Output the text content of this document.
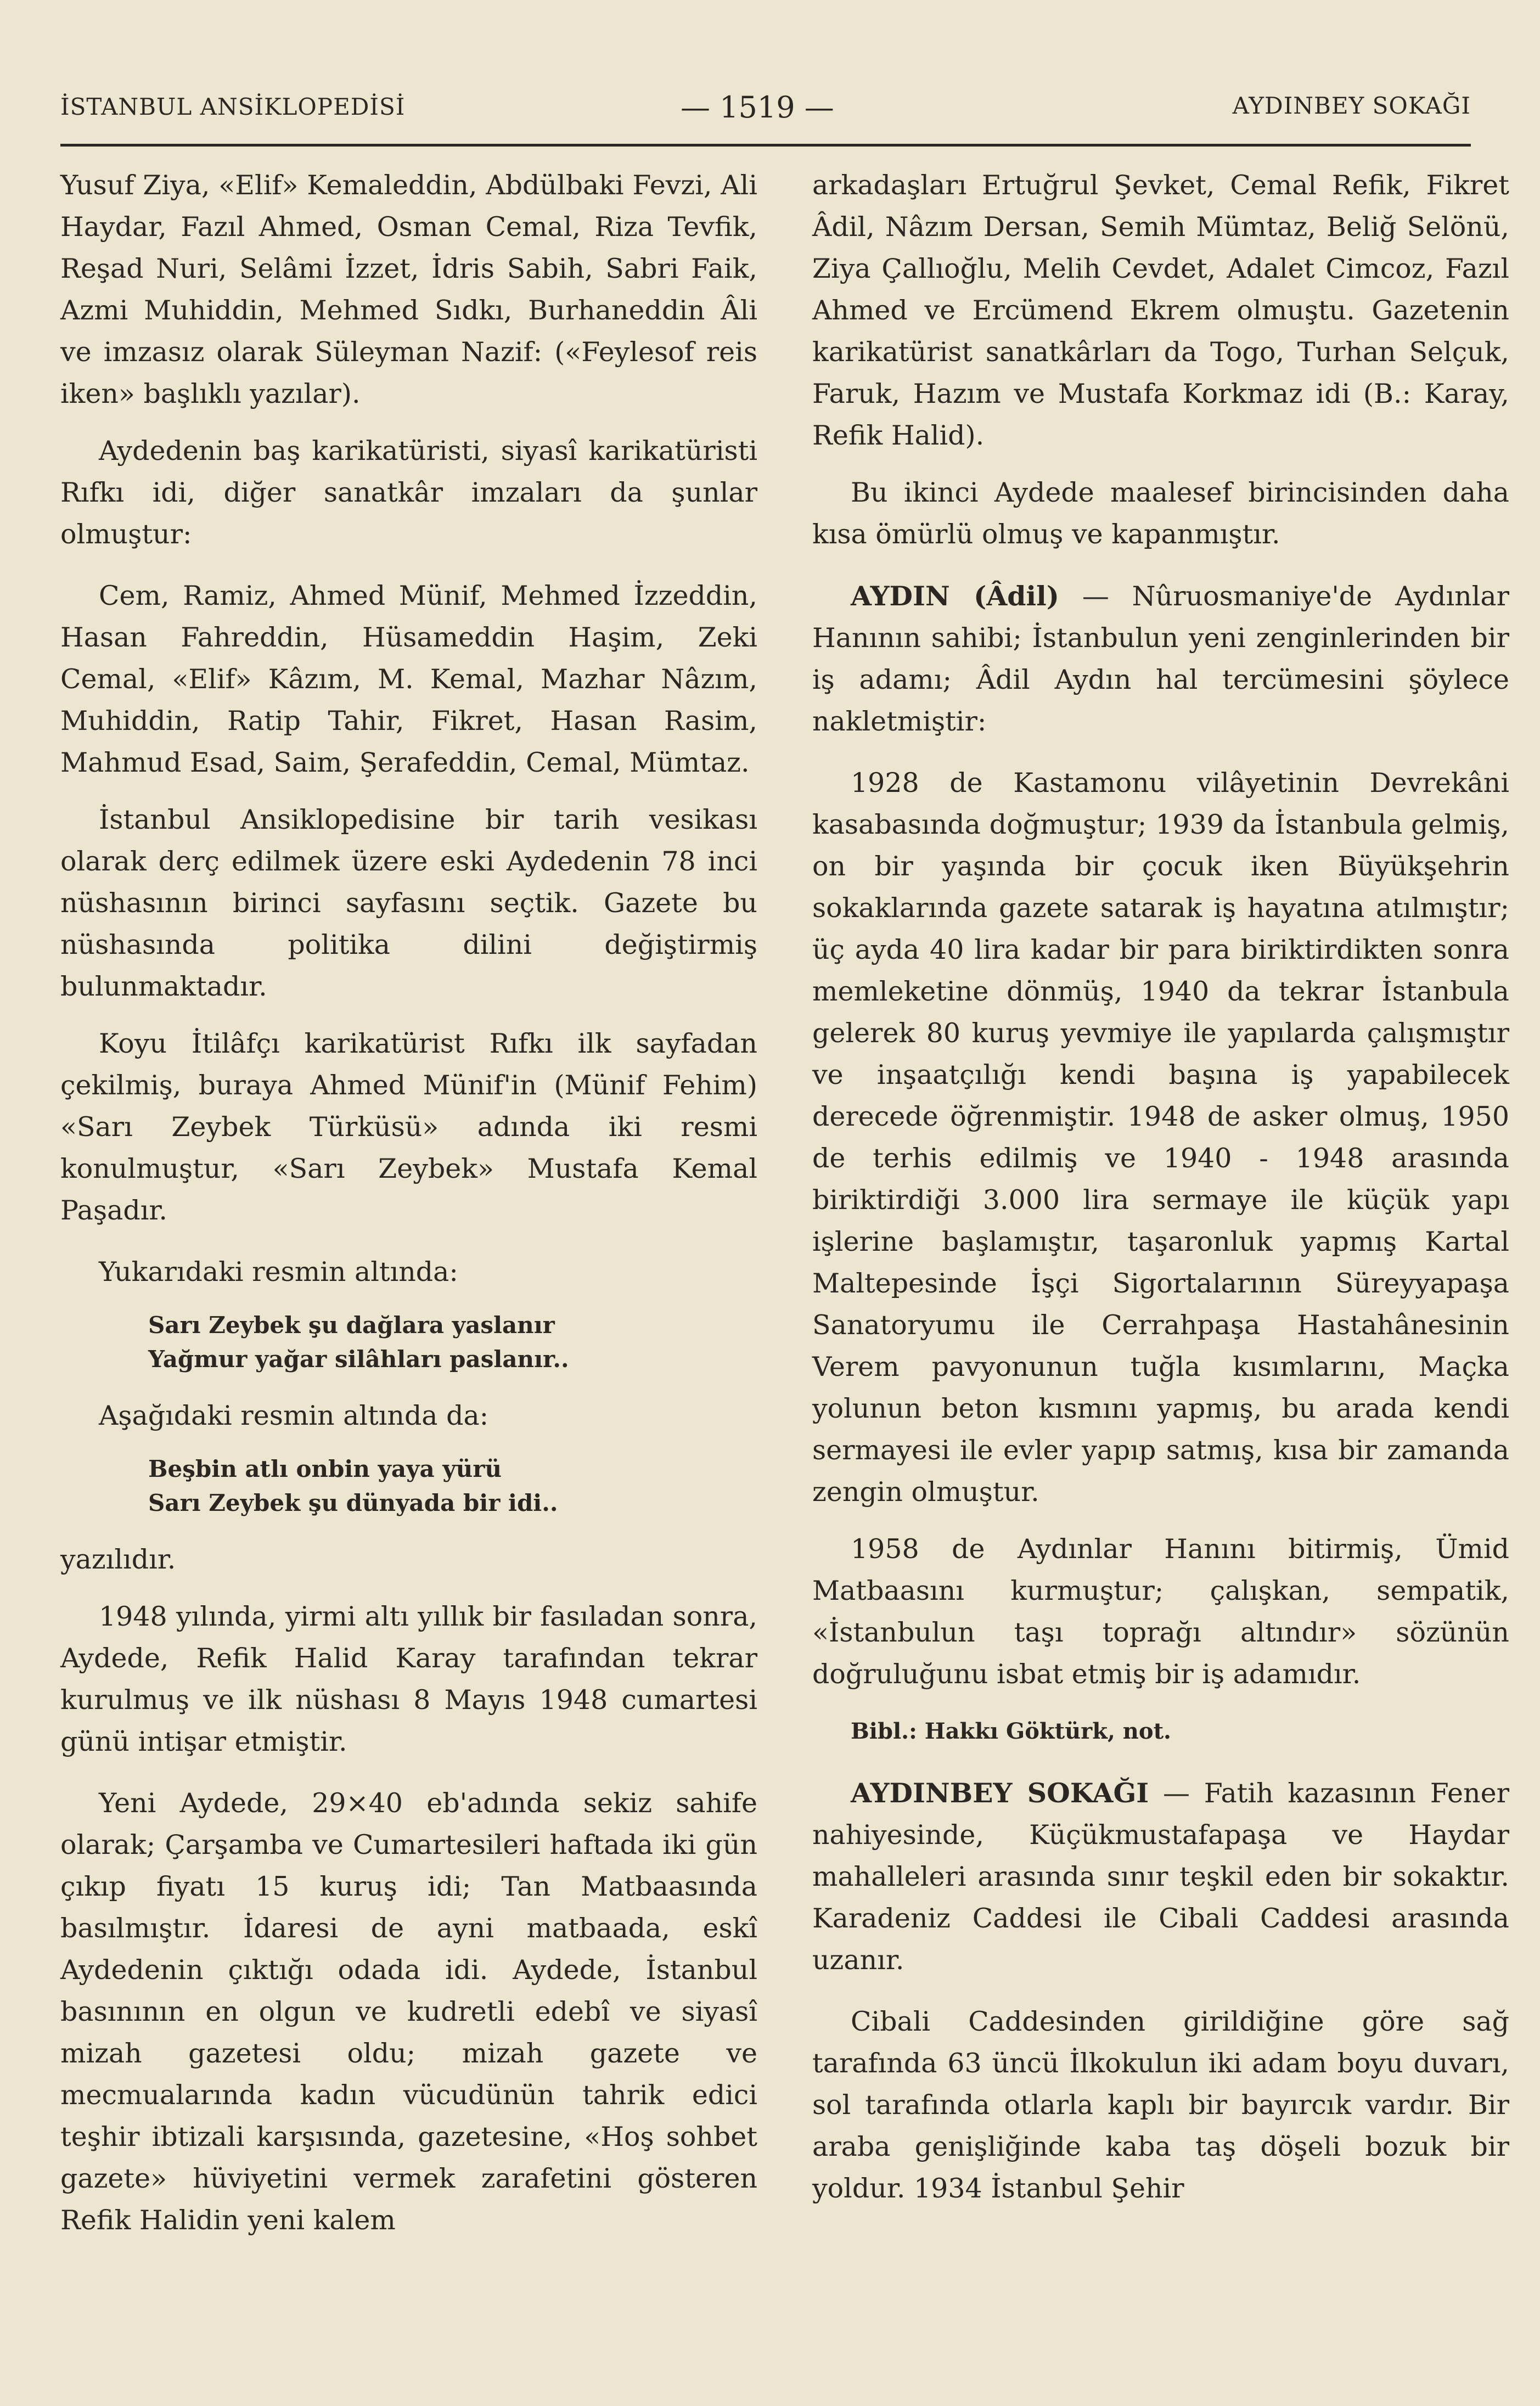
İSTANBUL ANSİKLOPEDİSİ	— 1519 —	AYDINBEY SOKAĞI

Yusuf Ziya, «Elif» Kemaleddin, Abdülbaki Fevzi, Ali Haydar, Fazıl Ahmed, Osman Cemal, Riza Tevfik, Reşad Nuri, Selâmi İzzet, İdris Sabih, Sabri Faik, Azmi Muhiddin, Mehmed Sıdkı, Burhaneddin Âli ve imzasız olarak Süleyman Nazif: («Feylesof reis iken» başlıklı yazılar).

Aydedenin baş karikatüristi, siyasî karikatüristi Rıfkı idi, diğer sanatkâr imzaları da şunlar olmuştur:

Cem, Ramiz, Ahmed Münif, Mehmed İzzeddin, Hasan Fahreddin, Hüsameddin Haşim, Zeki Cemal, «Elif» Kâzım, M. Kemal, Mazhar Nâzım, Muhiddin, Ratip Tahir, Fikret, Hasan Rasim, Mahmud Esad, Saim, Şerafeddin, Cemal, Mümtaz.

İstanbul Ansiklopedisine bir tarih vesikası olarak derç edilmek üzere eski Aydedenin 78 inci nüshasının birinci sayfasını seçtik. Gazete bu nüshasında politika dilini değiştirmiş bulunmaktadır.

Koyu İtilâfçı karikatürist Rıfkı ilk sayfadan çekilmiş, buraya Ahmed Münif'in (Münif Fehim) «Sarı Zeybek Türküsü» adında iki resmi konulmuştur, «Sarı Zeybek» Mustafa Kemal Paşadır.

Yukarıdaki resmin altında:

Sarı Zeybek şu dağlara yaslanır
Yağmur yağar silâhları paslanır..

Aşağıdaki resmin altında da:

Beşbin atlı onbin yaya yürü
Sarı Zeybek şu dünyada bir idi..

yazılıdır.

1948 yılında, yirmi altı yıllık bir fasıladan sonra, Aydede, Refik Halid Karay tarafından tekrar kurulmuş ve ilk nüshası 8 Mayıs 1948 cumartesi günü intişar etmiştir.

Yeni Aydede, 29×40 eb'adında sekiz sahife olarak; Çarşamba ve Cumartesileri haftada iki gün çıkıp fiyatı 15 kuruş idi; Tan Matbaasında basılmıştır. İdaresi de ayni matbaada, eskî Aydedenin çıktığı odada idi. Aydede, İstanbul basınının en olgun ve kudretli edebî ve siyasî mizah gazetesi oldu; mizah gazete ve mecmualarında kadın vücudünün tahrik edici teşhir ibtizali karşısında, gazetesine, «Hoş sohbet gazete» hüviyetini vermek zarafetini gösteren Refik Halidin yeni kalem

arkadaşları Ertuğrul Şevket, Cemal Refik, Fikret Âdil, Nâzım Dersan, Semih Mümtaz, Beliğ Selönü, Ziya Çallıoğlu, Melih Cevdet, Adalet Cimcoz, Fazıl Ahmed ve Ercümend Ekrem olmuştu. Gazetenin karikatürist sanatkârları da Togo, Turhan Selçuk, Faruk, Hazım ve Mustafa Korkmaz idi (B.: Karay, Refik Halid).

Bu ikinci Aydede maalesef birincisinden daha kısa ömürlü olmuş ve kapanmıştır.

AYDIN (Âdil) — Nûruosmaniye'de Aydınlar Hanının sahibi; İstanbulun yeni zenginlerinden bir iş adamı; Âdil Aydın hal tercümesini şöylece nakletmiştir:

1928 de Kastamonu vilâyetinin Devrekâni kasabasında doğmuştur; 1939 da İstanbula gelmiş, on bir yaşında bir çocuk iken Büyükşehrin sokaklarında gazete satarak iş hayatına atılmıştır; üç ayda 40 lira kadar bir para biriktirdikten sonra memleketine dönmüş, 1940 da tekrar İstanbula gelerek 80 kuruş yevmiye ile yapılarda çalışmıştır ve inşaatçılığı kendi başına iş yapabilecek derecede öğrenmiştir. 1948 de asker olmuş, 1950 de terhis edilmiş ve 1940 - 1948 arasında biriktirdiği 3.000 lira sermaye ile küçük yapı işlerine başlamıştır, taşaronluk yapmış Kartal Maltepesinde İşçi Sigortalarının Süreyyapaşa Sanatoryumu ile Cerrahpaşa Hastahânesinin Verem pavyonunun tuğla kısımlarını, Maçka yolunun beton kısmını yapmış, bu arada kendi sermayesi ile evler yapıp satmış, kısa bir zamanda zengin olmuştur.

1958 de Aydınlar Hanını bitirmiş, Ümid Matbaasını kurmuştur; çalışkan, sempatik, «İstanbulun taşı toprağı altındır» sözünün doğruluğunu isbat etmiş bir iş adamıdır.

Bibl.: Hakkı Göktürk, not.

AYDINBEY SOKAĞI — Fatih kazasının Fener nahiyesinde, Küçükmustafapaşa ve Haydar mahalleleri arasında sınır teşkil eden bir sokaktır. Karadeniz Caddesi ile Cibali Caddesi arasında uzanır.

Cibali Caddesinden girildiğine göre sağ tarafında 63 üncü İlkokulun iki adam boyu duvarı, sol tarafında otlarla kaplı bir bayırcık vardır. Bir araba genişliğinde kaba taş döşeli bozuk bir yoldur. 1934 İstanbul Şehir
